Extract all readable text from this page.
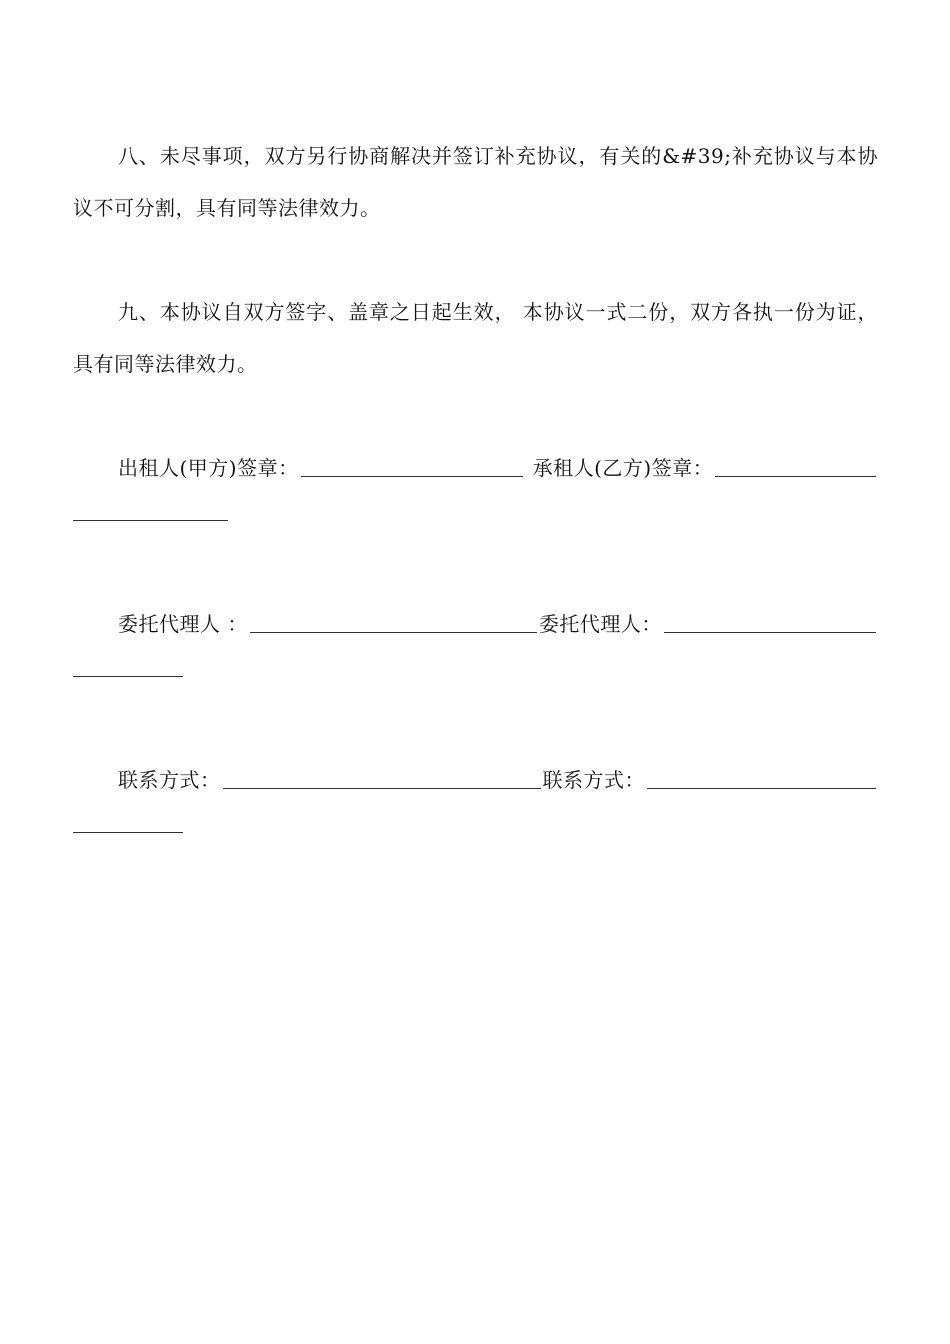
八、未尽事项，双方另行协商解决并签订补充协议，有关的&#39;补充协议与本协议不可分割，具有同等法律效力。

九、本协议自双方签字、盖章之日起生效， 本协议一式二份，双方各执一份为证，具有同等法律效力。

出租人(甲方)签章：	承租人(乙方)签章：
委托代理人 ：	委托代理人：
联系方式：	联系方式：
